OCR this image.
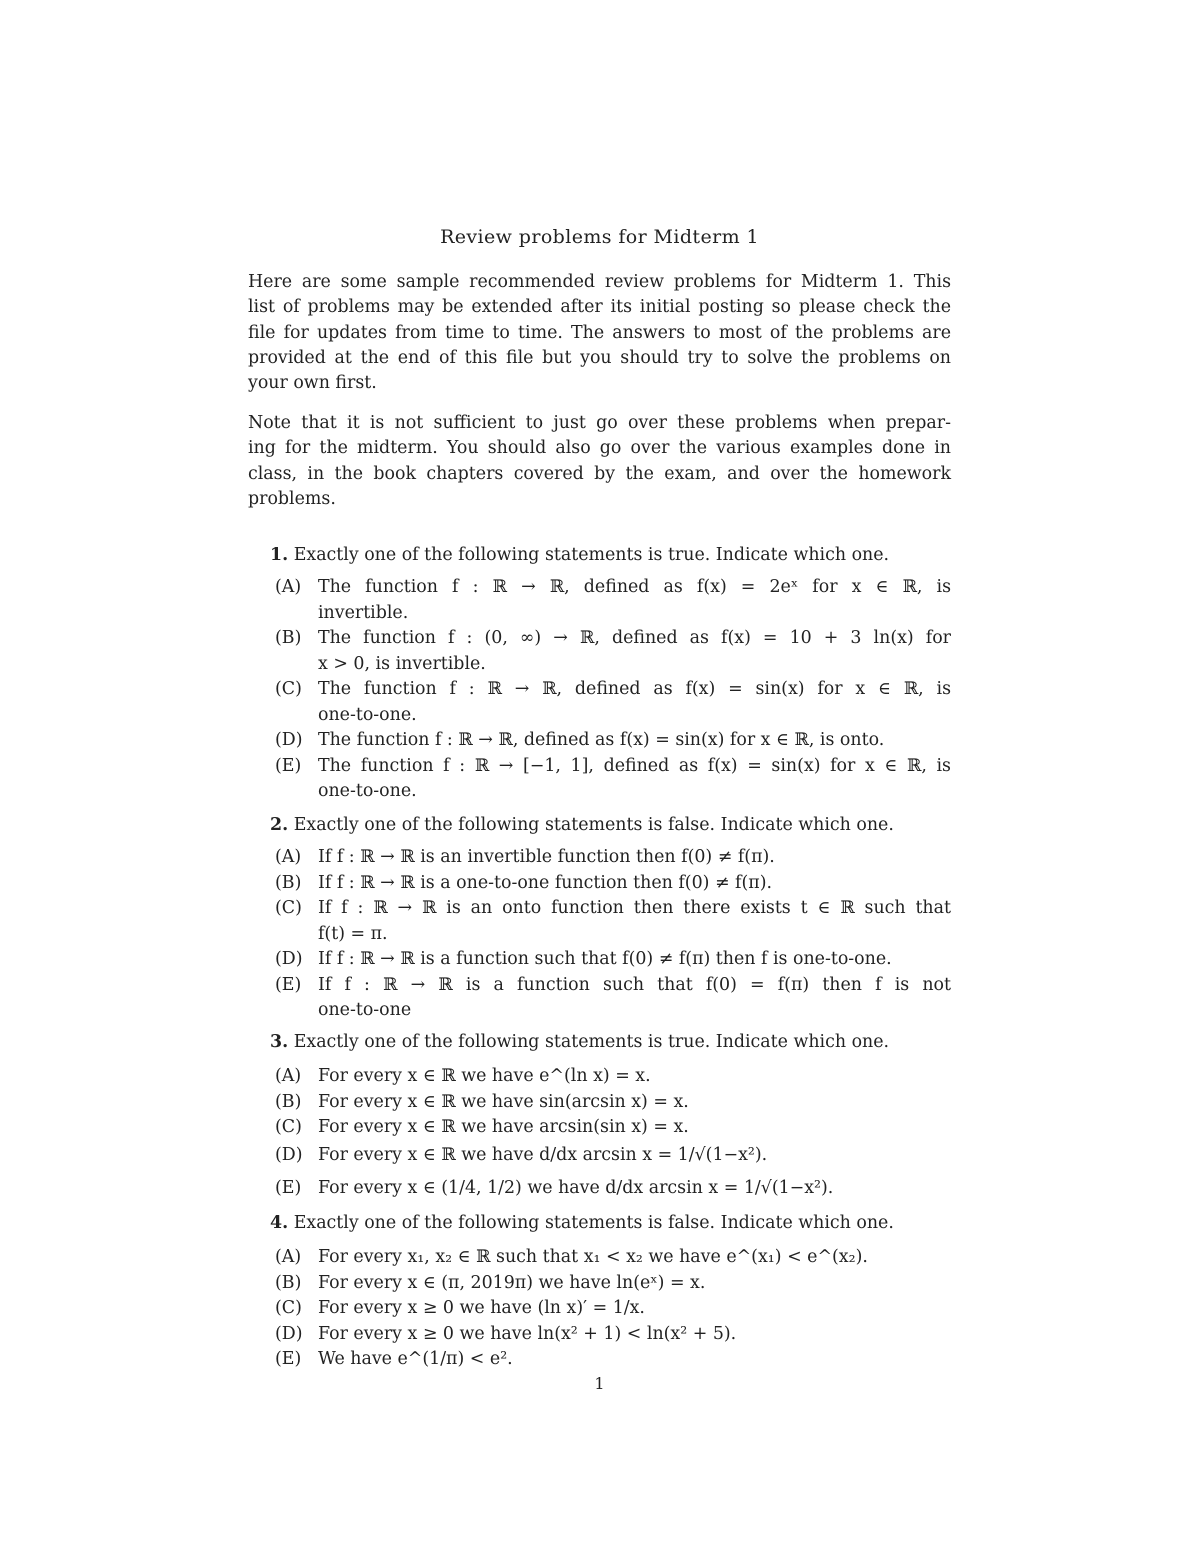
Review problems for Midterm 1
Here are some sample recommended review problems for Midterm 1. This
list of problems may be extended after its initial posting so please check the
file for updates from time to time. The answers to most of the problems are
provided at the end of this file but you should try to solve the problems on
your own first.
Note that it is not sufficient to just go over these problems when prepar-
ing for the midterm. You should also go over the various examples done in
class, in the book chapters covered by the exam, and over the homework
problems.
1. Exactly one of the following statements is true. Indicate which one.
(A) The function f : ℝ → ℝ, defined as f(x) = 2eˣ for x ∈ ℝ, is
invertible.
(B) The function f : (0, ∞) → ℝ, defined as f(x) = 10 + 3 ln(x) for
x > 0, is invertible.
(C) The function f : ℝ → ℝ, defined as f(x) = sin(x) for x ∈ ℝ, is
one-to-one.
(D) The function f : ℝ → ℝ, defined as f(x) = sin(x) for x ∈ ℝ, is onto.
(E) The function f : ℝ → [−1, 1], defined as f(x) = sin(x) for x ∈ ℝ, is
one-to-one.
2. Exactly one of the following statements is false. Indicate which one.
(A) If f : ℝ → ℝ is an invertible function then f(0) ≠ f(π).
(B) If f : ℝ → ℝ is a one-to-one function then f(0) ≠ f(π).
(C) If f : ℝ → ℝ is an onto function then there exists t ∈ ℝ such that
f(t) = π.
(D) If f : ℝ → ℝ is a function such that f(0) ≠ f(π) then f is one-to-one.
(E) If f : ℝ → ℝ is a function such that f(0) = f(π) then f is not
one-to-one
3. Exactly one of the following statements is true. Indicate which one.
(A) For every x ∈ ℝ we have e^(ln x) = x.
(B) For every x ∈ ℝ we have sin(arcsin x) = x.
(C) For every x ∈ ℝ we have arcsin(sin x) = x.
(D) For every x ∈ ℝ we have d/dx arcsin x = 1/√(1−x²).
(E) For every x ∈ (1/4, 1/2) we have d/dx arcsin x = 1/√(1−x²).
4. Exactly one of the following statements is false. Indicate which one.
(A) For every x₁, x₂ ∈ ℝ such that x₁ < x₂ we have e^(x₁) < e^(x₂).
(B) For every x ∈ (π, 2019π) we have ln(eˣ) = x.
(C) For every x ≥ 0 we have (ln x)′ = 1/x.
(D) For every x ≥ 0 we have ln(x² + 1) < ln(x² + 5).
(E) We have e^(1/π) < e².
1
